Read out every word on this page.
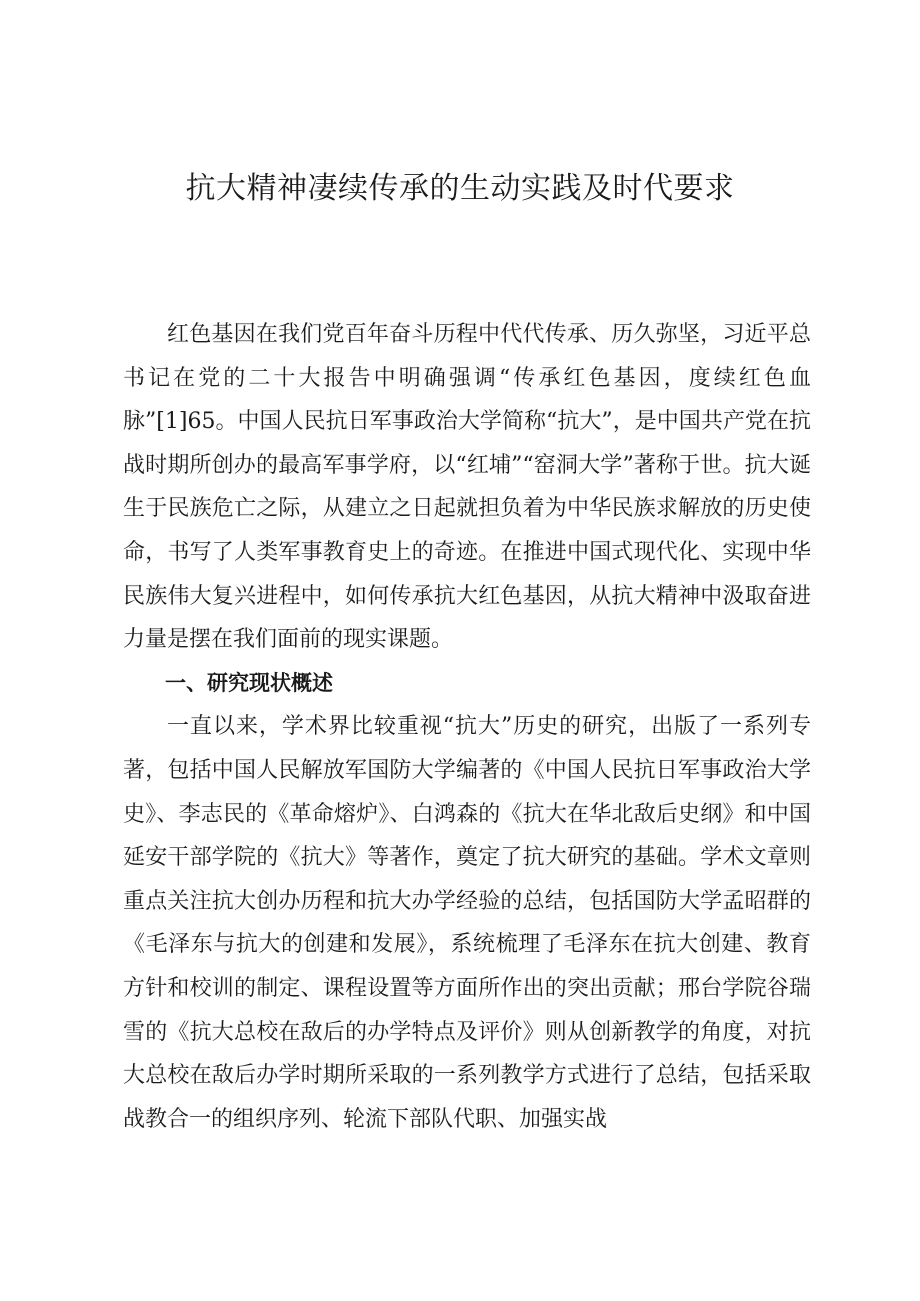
抗大精神凄续传承的生动实践及时代要求

红色基因在我们党百年奋斗历程中代代传承、历久弥坚，习近平总书记在党的二十大报告中明确强调“传承红色基因，度续红色血脉”[1]65。中国人民抗日军事政治大学简称“抗大”，是中国共产党在抗战时期所创办的最高军事学府，以“红埔”“窑洞大学”著称于世。抗大诞生于民族危亡之际，从建立之日起就担负着为中华民族求解放的历史使命，书写了人类军事教育史上的奇迹。在推进中国式现代化、实现中华民族伟大复兴进程中，如何传承抗大红色基因，从抗大精神中汲取奋进力量是摆在我们面前的现实课题。

一、研究现状概述

一直以来，学术界比较重视“抗大”历史的研究，出版了一系列专著，包括中国人民解放军国防大学编著的《中国人民抗日军事政治大学史》、李志民的《革命熔炉》、白鸿森的《抗大在华北敌后史纲》和中国延安干部学院的《抗大》等著作，奠定了抗大研究的基础。学术文章则重点关注抗大创办历程和抗大办学经验的总结，包括国防大学孟昭群的《毛泽东与抗大的创建和发展》，系统梳理了毛泽东在抗大创建、教育方针和校训的制定、课程设置等方面所作出的突出贡献；邢台学院谷瑞雪的《抗大总校在敌后的办学特点及评价》则从创新教学的角度，对抗大总校在敌后办学时期所采取的一系列教学方式进行了总结，包括采取战教合一的组织序列、轮流下部队代职、加强实战
